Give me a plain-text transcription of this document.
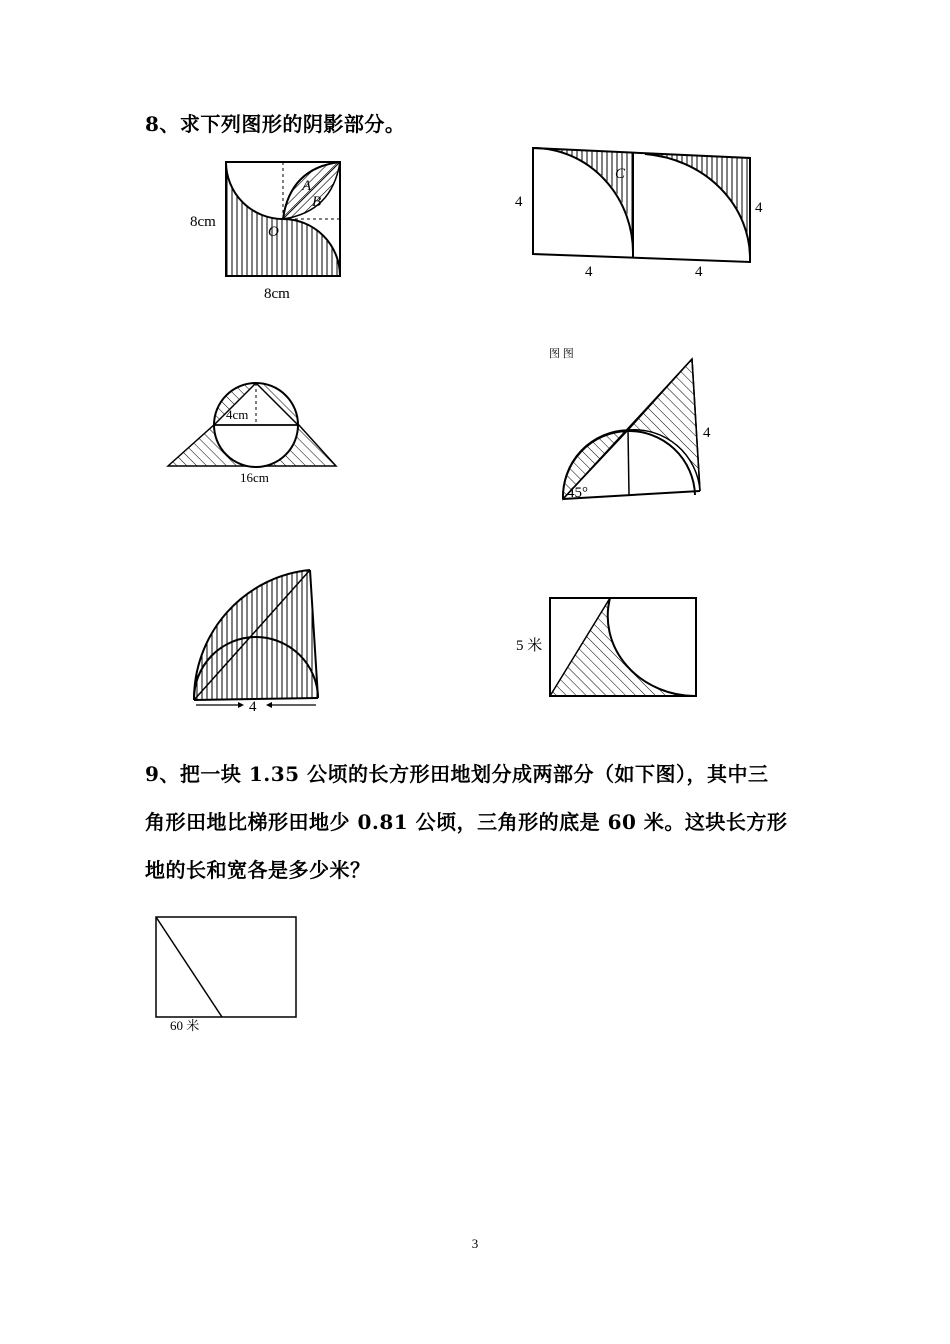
8、求下列图形的阴影部分。
8cm
8cm
O
A
B	4	4
4	4
C
4cm
16cm
4
45°
图 图
4
5 米
9、把一块 1.35 公顷的长方形田地划分成两部分（如下图），其中三
角形田地比梯形田地少 0.81 公顷，三角形的底是 60 米。这块长方形
地的长和宽各是多少米？
60 米
3
